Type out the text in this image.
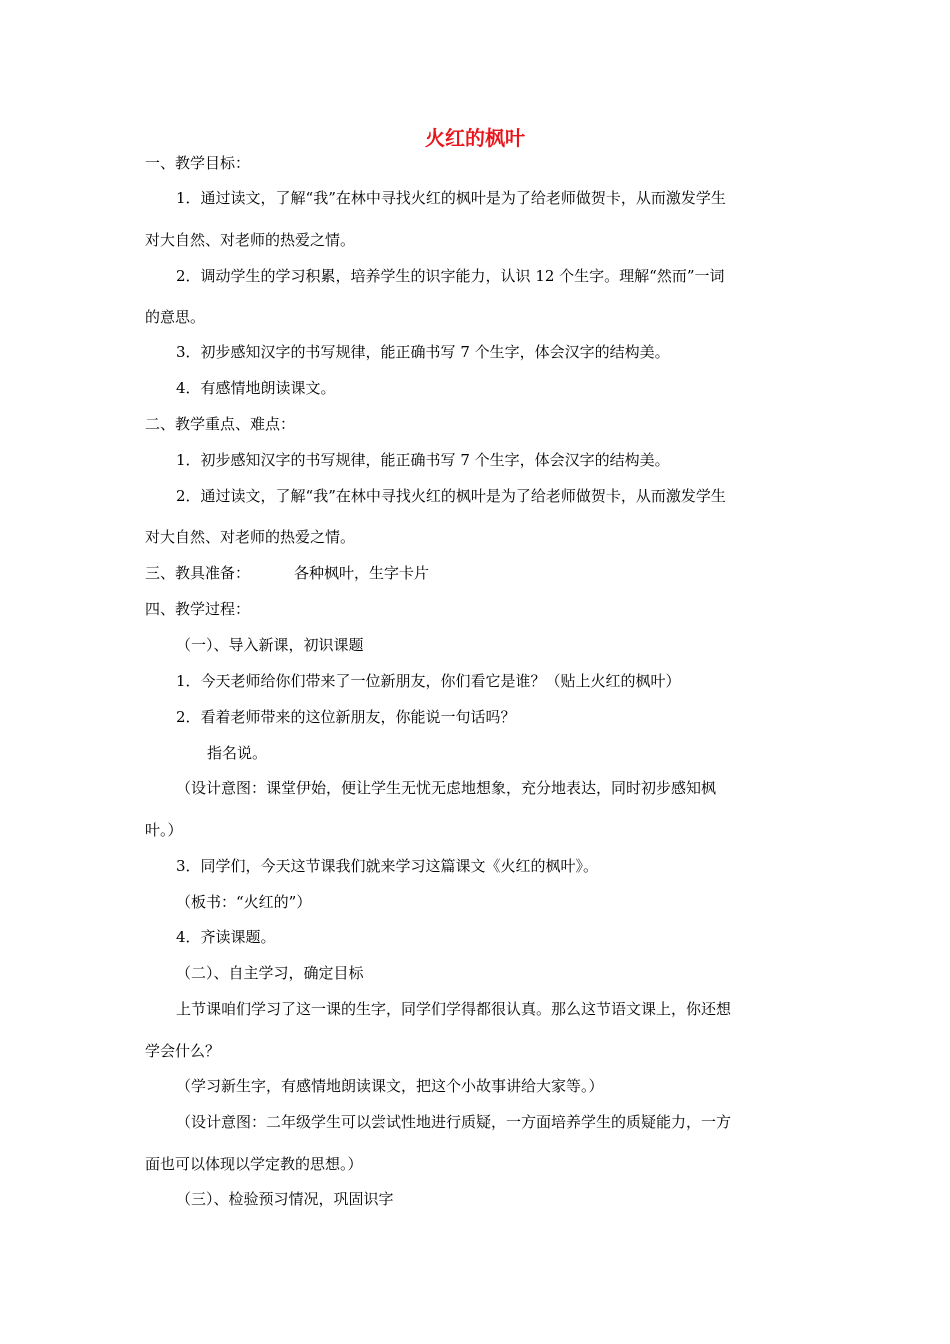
火红的枫叶
一、教学目标：
1．通过读文，了解“我”在林中寻找火红的枫叶是为了给老师做贺卡，从而激发学生
对大自然、对老师的热爱之情。
2．调动学生的学习积累，培养学生的识字能力，认识 12 个生字。理解“然而”一词
的意思。
3．初步感知汉字的书写规律，能正确书写 7 个生字，体会汉字的结构美。
4．有感情地朗读课文。
二、教学重点、难点：
1．初步感知汉字的书写规律，能正确书写 7 个生字，体会汉字的结构美。
2．通过读文，了解“我”在林中寻找火红的枫叶是为了给老师做贺卡，从而激发学生
对大自然、对老师的热爱之情。
三、教具准备：	各种枫叶，生字卡片
四、教学过程：
（一）、导入新课，初识课题
1．今天老师给你们带来了一位新朋友，你们看它是谁？（贴上火红的枫叶）
2．看着老师带来的这位新朋友，你能说一句话吗？
指名说。
（设计意图：课堂伊始，便让学生无忧无虑地想象，充分地表达，同时初步感知枫
叶。）
3．同学们，今天这节课我们就来学习这篇课文《火红的枫叶》。
（板书：“火红的”）
4．齐读课题。
（二）、自主学习，确定目标
上节课咱们学习了这一课的生字，同学们学得都很认真。那么这节语文课上，你还想
学会什么？
（学习新生字，有感情地朗读课文，把这个小故事讲给大家等。）
（设计意图：二年级学生可以尝试性地进行质疑，一方面培养学生的质疑能力，一方
面也可以体现以学定教的思想。）
（三）、检验预习情况，巩固识字
